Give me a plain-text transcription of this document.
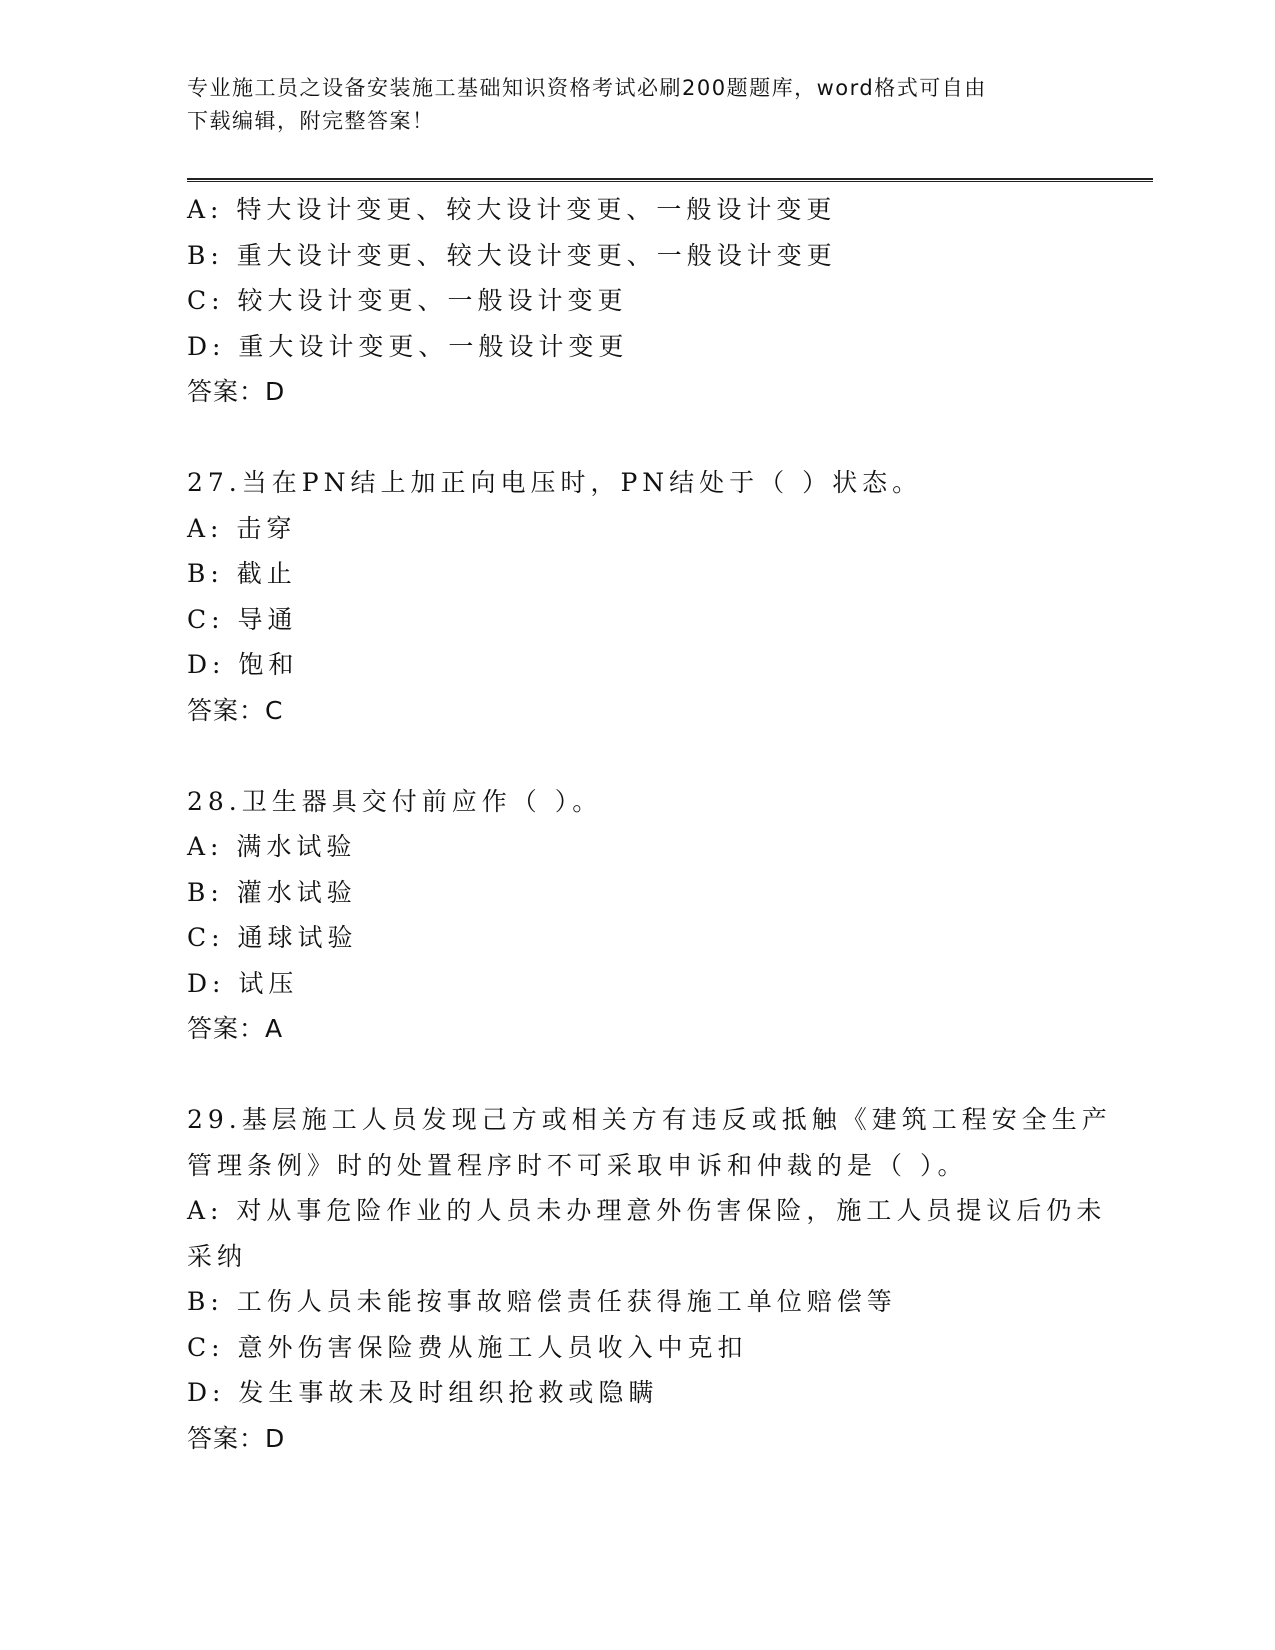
专业施工员之设备安装施工基础知识资格考试必刷200题题库，word格式可自由
下载编辑，附完整答案！
A: 特大设计变更、较大设计变更、一般设计变更
B: 重大设计变更、较大设计变更、一般设计变更
C: 较大设计变更、一般设计变更
D: 重大设计变更、一般设计变更
答案：D
27.当在PN结上加正向电压时，PN结处于（ ）状态。
A: 击穿
B: 截止
C: 导通
D: 饱和
答案：C
28.卫生器具交付前应作（ ）。
A: 满水试验
B: 灌水试验
C: 通球试验
D: 试压
答案：A
29.基层施工人员发现己方或相关方有违反或抵触《建筑工程安全生产
管理条例》时的处置程序时不可采取申诉和仲裁的是（ ）。
A: 对从事危险作业的人员未办理意外伤害保险，施工人员提议后仍未
采纳
B: 工伤人员未能按事故赔偿责任获得施工单位赔偿等
C: 意外伤害保险费从施工人员收入中克扣
D: 发生事故未及时组织抢救或隐瞒
答案：D
